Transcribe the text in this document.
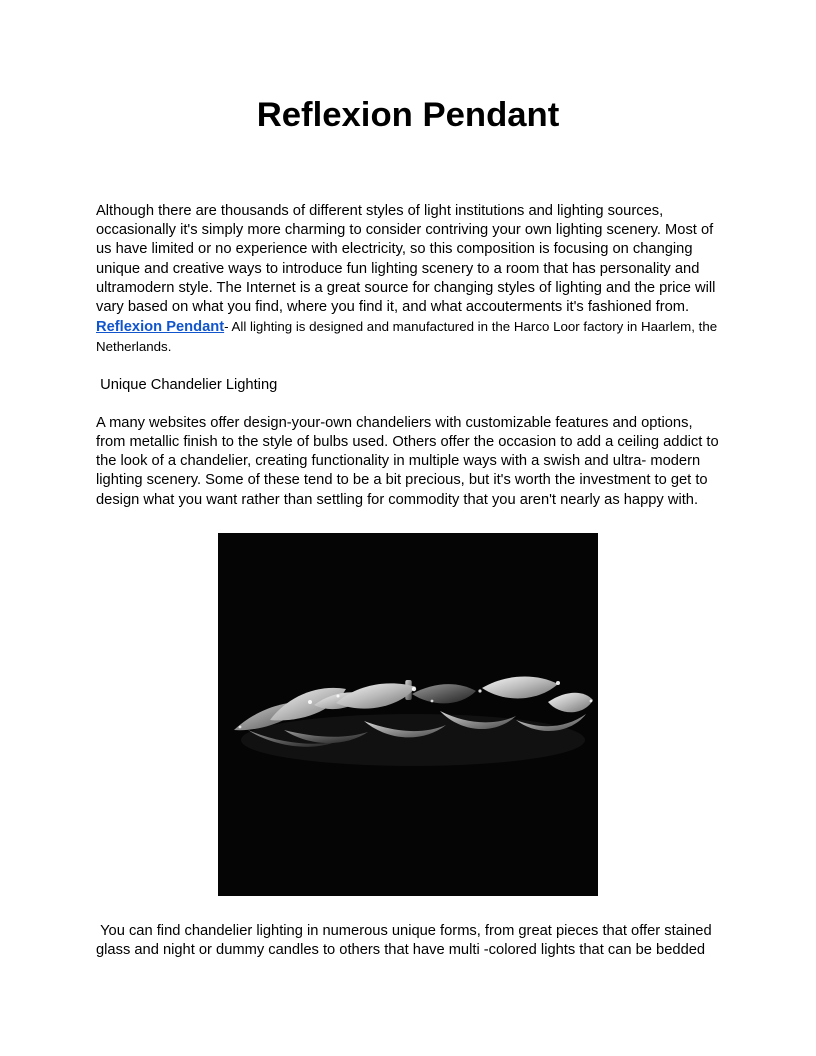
Reflexion Pendant

Although there are thousands of different styles of light institutions and lighting sources, occasionally it's simply more charming to consider contriving your own lighting scenery. Most of us have limited or no experience with electricity, so this composition is focusing on changing unique and creative ways to introduce fun lighting scenery to a room that has personality and ultramodern style. The Internet is a great source for changing styles of lighting and the price will vary based on what you find, where you find it, and what accouterments it's fashioned from.
Reflexion Pendant- All lighting is designed and manufactured in the Harco Loor factory in Haarlem, the Netherlands.

Unique Chandelier Lighting

A many websites offer design-your-own chandeliers with customizable features and options, from metallic finish to the style of bulbs used. Others offer the occasion to add a ceiling addict to the look of a chandelier, creating functionality in multiple ways with a swish and ultra- modern lighting scenery. Some of these tend to be a bit precious, but it's worth the investment to get to design what you want rather than settling for commodity that you aren't nearly as happy with.

You can find chandelier lighting in numerous unique forms, from great pieces that offer stained glass and night or dummy candles to others that have multi -colored lights that can be bedded
